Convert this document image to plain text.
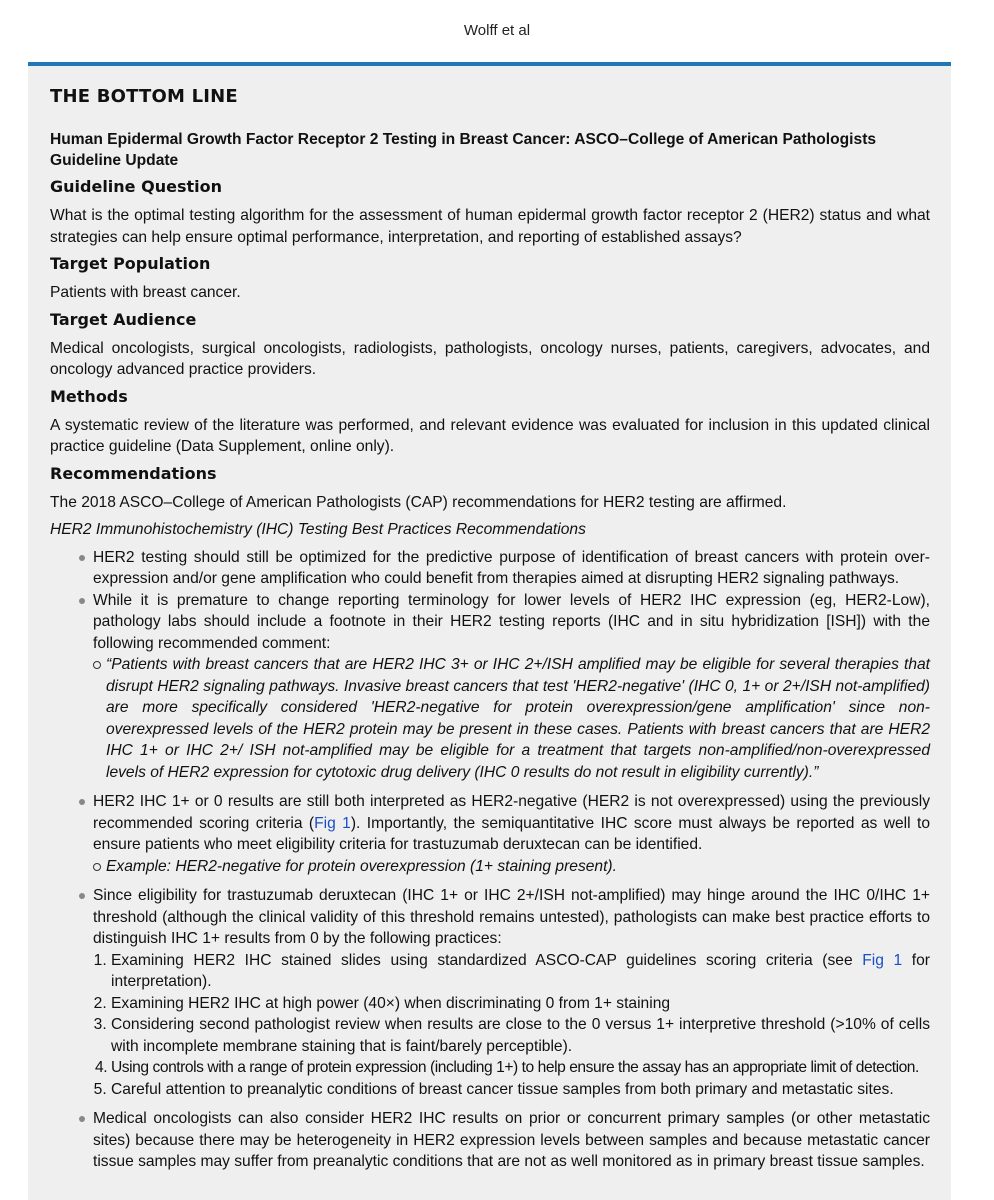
Wolff et al
THE BOTTOM LINE
Human Epidermal Growth Factor Receptor 2 Testing in Breast Cancer: ASCO–College of American Pathologists Guideline Update
Guideline Question

What is the optimal testing algorithm for the assessment of human epidermal growth factor receptor 2 (HER2) status and what strategies can help ensure optimal performance, interpretation, and reporting of established assays?

Target Population

Patients with breast cancer.

Target Audience

Medical oncologists, surgical oncologists, radiologists, pathologists, oncology nurses, patients, caregivers, advocates, and oncology advanced practice providers.

Methods

A systematic review of the literature was performed, and relevant evidence was evaluated for inclusion in this updated clinical practice guideline (Data Supplement, online only).

Recommendations

The 2018 ASCO–College of American Pathologists (CAP) recommendations for HER2 testing are affirmed.

HER2 Immunohistochemistry (IHC) Testing Best Practices Recommendations
HER2 testing should still be optimized for the predictive purpose of identification of breast cancers with protein over-expression and/or gene amplification who could benefit from therapies aimed at disrupting HER2 signaling pathways.
While it is premature to change reporting terminology for lower levels of HER2 IHC expression (eg, HER2-Low), pathology labs should include a footnote in their HER2 testing reports (IHC and in situ hybridization [ISH]) with the following recommended comment:
“Patients with breast cancers that are HER2 IHC 3+ or IHC 2+/ISH amplified may be eligible for several therapies that disrupt HER2 signaling pathways. Invasive breast cancers that test 'HER2-negative' (IHC 0, 1+ or 2+/ISH not-amplified) are more specifically considered 'HER2-negative for protein overexpression/gene amplification' since non-overexpressed levels of the HER2 protein may be present in these cases. Patients with breast cancers that are HER2 IHC 1+ or IHC 2+/ ISH not-amplified may be eligible for a treatment that targets non-amplified/non-overexpressed levels of HER2 expression for cytotoxic drug delivery (IHC 0 results do not result in eligibility currently).”
HER2 IHC 1+ or 0 results are still both interpreted as HER2-negative (HER2 is not overexpressed) using the previously recommended scoring criteria (Fig 1). Importantly, the semiquantitative IHC score must always be reported as well to ensure patients who meet eligibility criteria for trastuzumab deruxtecan can be identified.
Example: HER2-negative for protein overexpression (1+ staining present).
Since eligibility for trastuzumab deruxtecan (IHC 1+ or IHC 2+/ISH not-amplified) may hinge around the IHC 0/IHC 1+ threshold (although the clinical validity of this threshold remains untested), pathologists can make best practice efforts to distinguish IHC 1+ results from 0 by the following practices:
1. Examining HER2 IHC stained slides using standardized ASCO-CAP guidelines scoring criteria (see Fig 1 for interpretation).
2. Examining HER2 IHC at high power (40×) when discriminating 0 from 1+ staining
3. Considering second pathologist review when results are close to the 0 versus 1+ interpretive threshold (>10% of cells with incomplete membrane staining that is faint/barely perceptible).
4. Using controls with a range of protein expression (including 1+) to help ensure the assay has an appropriate limit of detection.
5. Careful attention to preanalytic conditions of breast cancer tissue samples from both primary and metastatic sites.
Medical oncologists can also consider HER2 IHC results on prior or concurrent primary samples (or other metastatic sites) because there may be heterogeneity in HER2 expression levels between samples and because metastatic cancer tissue samples may suffer from preanalytic conditions that are not as well monitored as in primary breast tissue samples.
